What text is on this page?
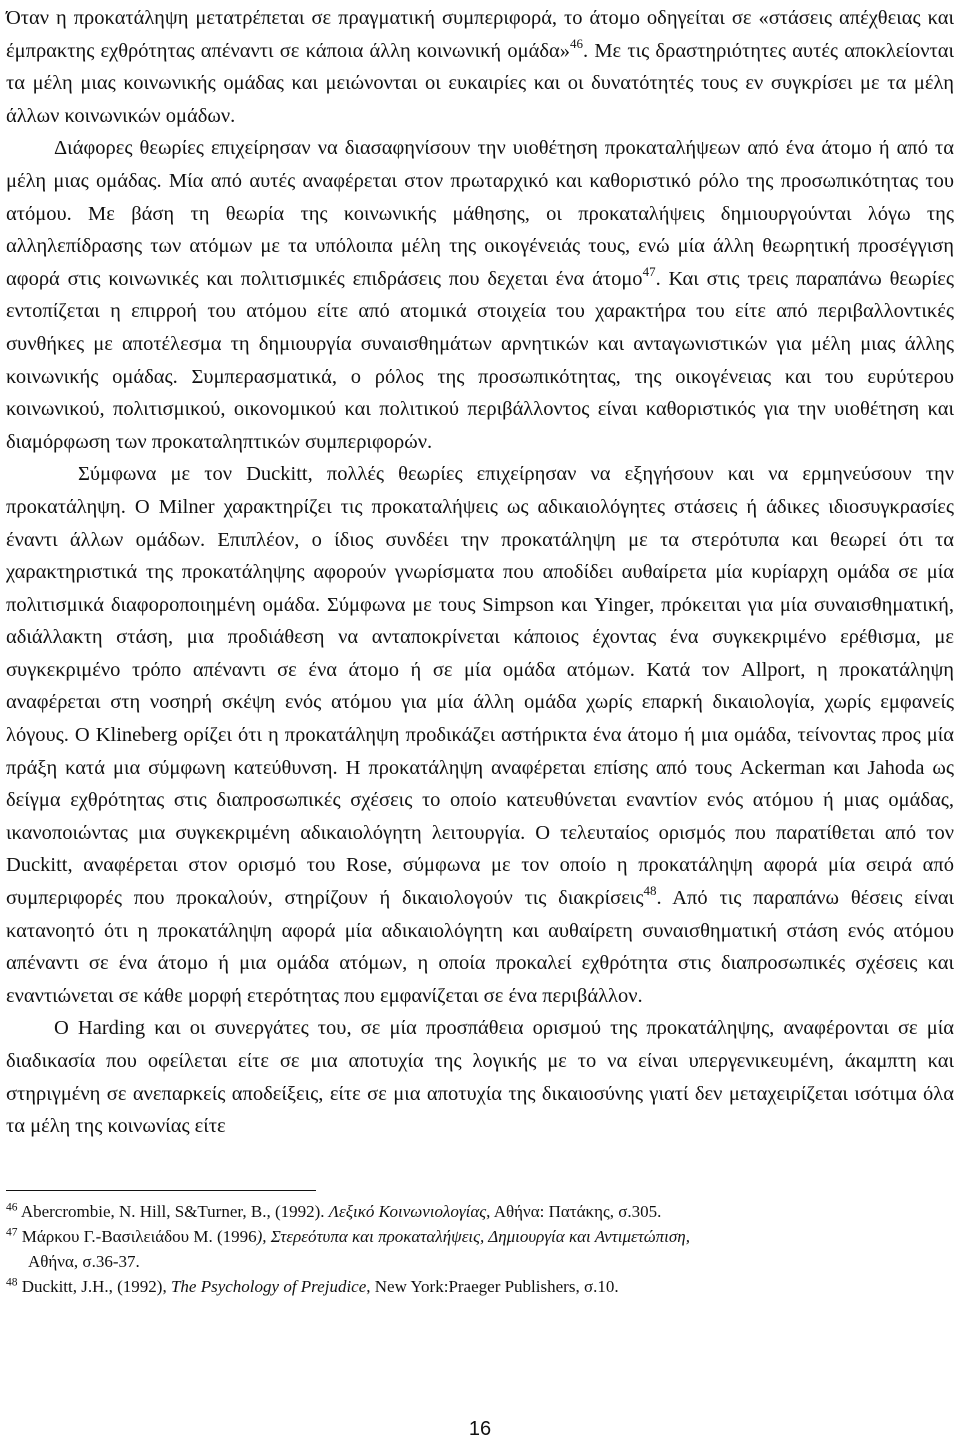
Όταν η προκατάληψη μετατρέπεται σε πραγματική συμπεριφορά, το άτομο οδηγείται σε «στάσεις απέχθειας και έμπρακτης εχθρότητας απέναντι σε κάποια άλλη κοινωνική ομάδα»$^{46}$. Με τις δραστηριότητες αυτές αποκλείονται τα μέλη μιας κοινωνικής ομάδας και μειώνονται οι ευκαιρίες και οι δυνατότητές τους εν συγκρίσει με τα μέλη άλλων κοινωνικών ομάδων.

Διάφορες θεωρίες επιχείρησαν να διασαφηνίσουν την υιοθέτηση προκαταλήψεων από ένα άτομο ή από τα μέλη μιας ομάδας. Μία από αυτές αναφέρεται στον πρωταρχικό και καθοριστικό ρόλο της προσωπικότητας του ατόμου. Με βάση τη θεωρία της κοινωνικής μάθησης, οι προκαταλήψεις δημιουργούνται λόγω της αλληλεπίδρασης των ατόμων με τα υπόλοιπα μέλη της οικογένειάς τους, ενώ μία άλλη θεωρητική προσέγγιση αφορά στις κοινωνικές και πολιτισμικές επιδράσεις που δεχεται ένα άτομο$^{47}$. Και στις τρεις παραπάνω θεωρίες εντοπίζεται η επιρροή του ατόμου είτε από ατομικά στοιχεία του χαρακτήρα του είτε από περιβαλλοντικές συνθήκες με αποτέλεσμα τη δημιουργία συναισθημάτων αρνητικών και ανταγωνιστικών για μέλη μιας άλλης κοινωνικής ομάδας. Συμπερασματικά, ο ρόλος της προσωπικότητας, της οικογένειας και του ευρύτερου κοινωνικού, πολιτισμικού, οικονομικού και πολιτικού περιβάλλοντος είναι καθοριστικός για την υιοθέτηση και διαμόρφωση των προκαταληπτικών συμπεριφορών.

Σύμφωνα με τον Duckitt, πολλές θεωρίες επιχείρησαν να εξηγήσουν και να ερμηνεύσουν την προκατάληψη. Ο Milner χαρακτηρίζει τις προκαταλήψεις ως αδικαιολόγητες στάσεις ή άδικες ιδιοσυγκρασίες έναντι άλλων ομάδων. Επιπλέον, ο ίδιος συνδέει την προκατάληψη με τα στερότυπα και θεωρεί ότι τα χαρακτηριστικά της προκατάληψης αφορούν γνωρίσματα που αποδίδει αυθαίρετα μία κυρίαρχη ομάδα σε μία πολιτισμικά διαφοροποιημένη ομάδα. Σύμφωνα με τους Simpson και Yinger, πρόκειται για μία συναισθηματική, αδιάλλακτη στάση, μια προδιάθεση να ανταποκρίνεται κάποιος έχοντας ένα συγκεκριμένο ερέθισμα, με συγκεκριμένο τρόπο απέναντι σε ένα άτομο ή σε μία ομάδα ατόμων. Κατά τον Allport, η προκατάληψη αναφέρεται στη νοσηρή σκέψη ενός ατόμου για μία άλλη ομάδα χωρίς επαρκή δικαιολογία, χωρίς εμφανείς λόγους. Ο Klineberg ορίζει ότι η προκατάληψη προδικάζει αστήρικτα ένα άτομο ή μια ομάδα, τείνοντας προς μία πράξη κατά μια σύμφωνη κατεύθυνση. Η προκατάληψη αναφέρεται επίσης από τους Ackerman και Jahoda ως δείγμα εχθρότητας στις διαπροσωπικές σχέσεις το οποίο κατευθύνεται εναντίον ενός ατόμου ή μιας ομάδας, ικανοποιώντας μια συγκεκριμένη αδικαιολόγητη λειτουργία. Ο τελευταίος ορισμός που παρατίθεται από τον Duckitt, αναφέρεται στον ορισμό του Rose, σύμφωνα με τον οποίο η προκατάληψη αφορά μία σειρά από συμπεριφορές που προκαλούν, στηρίζουν ή δικαιολογούν τις διακρίσεις$^{48}$. Από τις παραπάνω θέσεις είναι κατανοητό ότι η προκατάληψη αφορά μία αδικαιολόγητη και αυθαίρετη συναισθηματική στάση ενός ατόμου απέναντι σε ένα άτομο ή μια ομάδα ατόμων, η οποία προκαλεί εχθρότητα στις διαπροσωπικές σχέσεις και εναντιώνεται σε κάθε μορφή ετερότητας που εμφανίζεται σε ένα περιβάλλον.

Ο Harding και οι συνεργάτες του, σε μία προσπάθεια ορισμού της προκατάληψης, αναφέρονται σε μία διαδικασία που οφείλεται είτε σε μια αποτυχία της λογικής με το να είναι υπεργενικευμένη, άκαμπτη και στηριγμένη σε ανεπαρκείς αποδείξεις, είτε σε μια αποτυχία της δικαιοσύνης γιατί δεν μεταχειρίζεται ισότιμα όλα τα μέλη της κοινωνίας είτε

$^{46}$ Abercrombie, N. Hill, S&Turner, B., (1992). Λεξικό Κοινωνιολογίας, Αθήνα: Πατάκης, σ.305.

$^{47}$ Μάρκου Γ.-Βασιλειάδου Μ. (1996), Στερεότυπα και προκαταλήψεις, Δημιουργία και Αντιμετώπιση,
Αθήνα, σ.36-37.

$^{48}$ Duckitt, J.H., (1992), The Psychology of Prejudice, New York:Praeger Publishers, σ.10.

16
